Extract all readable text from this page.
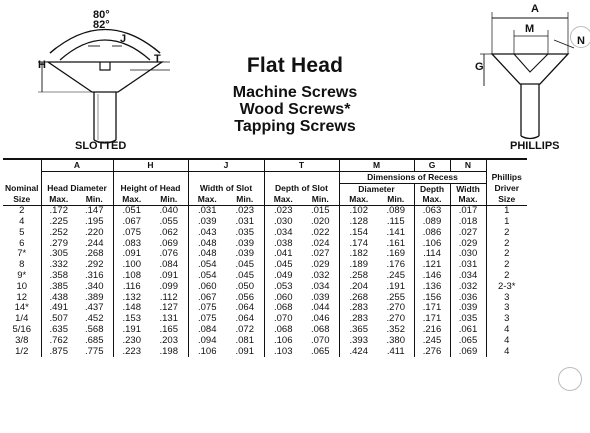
Flat Head
Machine Screws
Wood Screws*
Tapping Screws
80°
82°
J
H	T
SLOTTED
A
M
N
G
PHILLIPS
	A		H		J		T		M		G	N	
									Dimensions of Recess				Phillips
Nominal	Head Diameter		Height of Head		Width of Slot		Depth of Slot		Diameter		Depth	Width	Driver
Size	Max.	Min.	Max.	Min.	Max.	Min.	Max.	Min.	Max.	Min.	Max.	Max.	Size
2	.172	.147	.051	.040	.031	.023	.023	.015	.102	.089	.063	.017	1
4	.225	.195	.067	.055	.039	.031	.030	.020	.128	.115	.089	.018	1
5	.252	.220	.075	.062	.043	.035	.034	.022	.154	.141	.086	.027	2
6	.279	.244	.083	.069	.048	.039	.038	.024	.174	.161	.106	.029	2
7*	.305	.268	.091	.076	.048	.039	.041	.027	.182	.169	.114	.030	2
8	.332	.292	.100	.084	.054	.045	.045	.029	.189	.176	.121	.031	2
9*	.358	.316	.108	.091	.054	.045	.049	.032	.258	.245	.146	.034	2
10	.385	.340	.116	.099	.060	.050	.053	.034	.204	.191	.136	.032	2-3*
12	.438	.389	.132	.112	.067	.056	.060	.039	.268	.255	.156	.036	3
14*	.491	.437	.148	.127	.075	.064	.068	.044	.283	.270	.171	.039	3
1/4	.507	.452	.153	.131	.075	.064	.070	.046	.283	.270	.171	.035	3
5/16	.635	.568	.191	.165	.084	.072	.068	.068	.365	.352	.216	.061	4
3/8	.762	.685	.230	.203	.094	.081	.106	.070	.393	.380	.245	.065	4
1/2	.875	.775	.223	.198	.106	.091	.103	.065	.424	.411	.276	.069	4
